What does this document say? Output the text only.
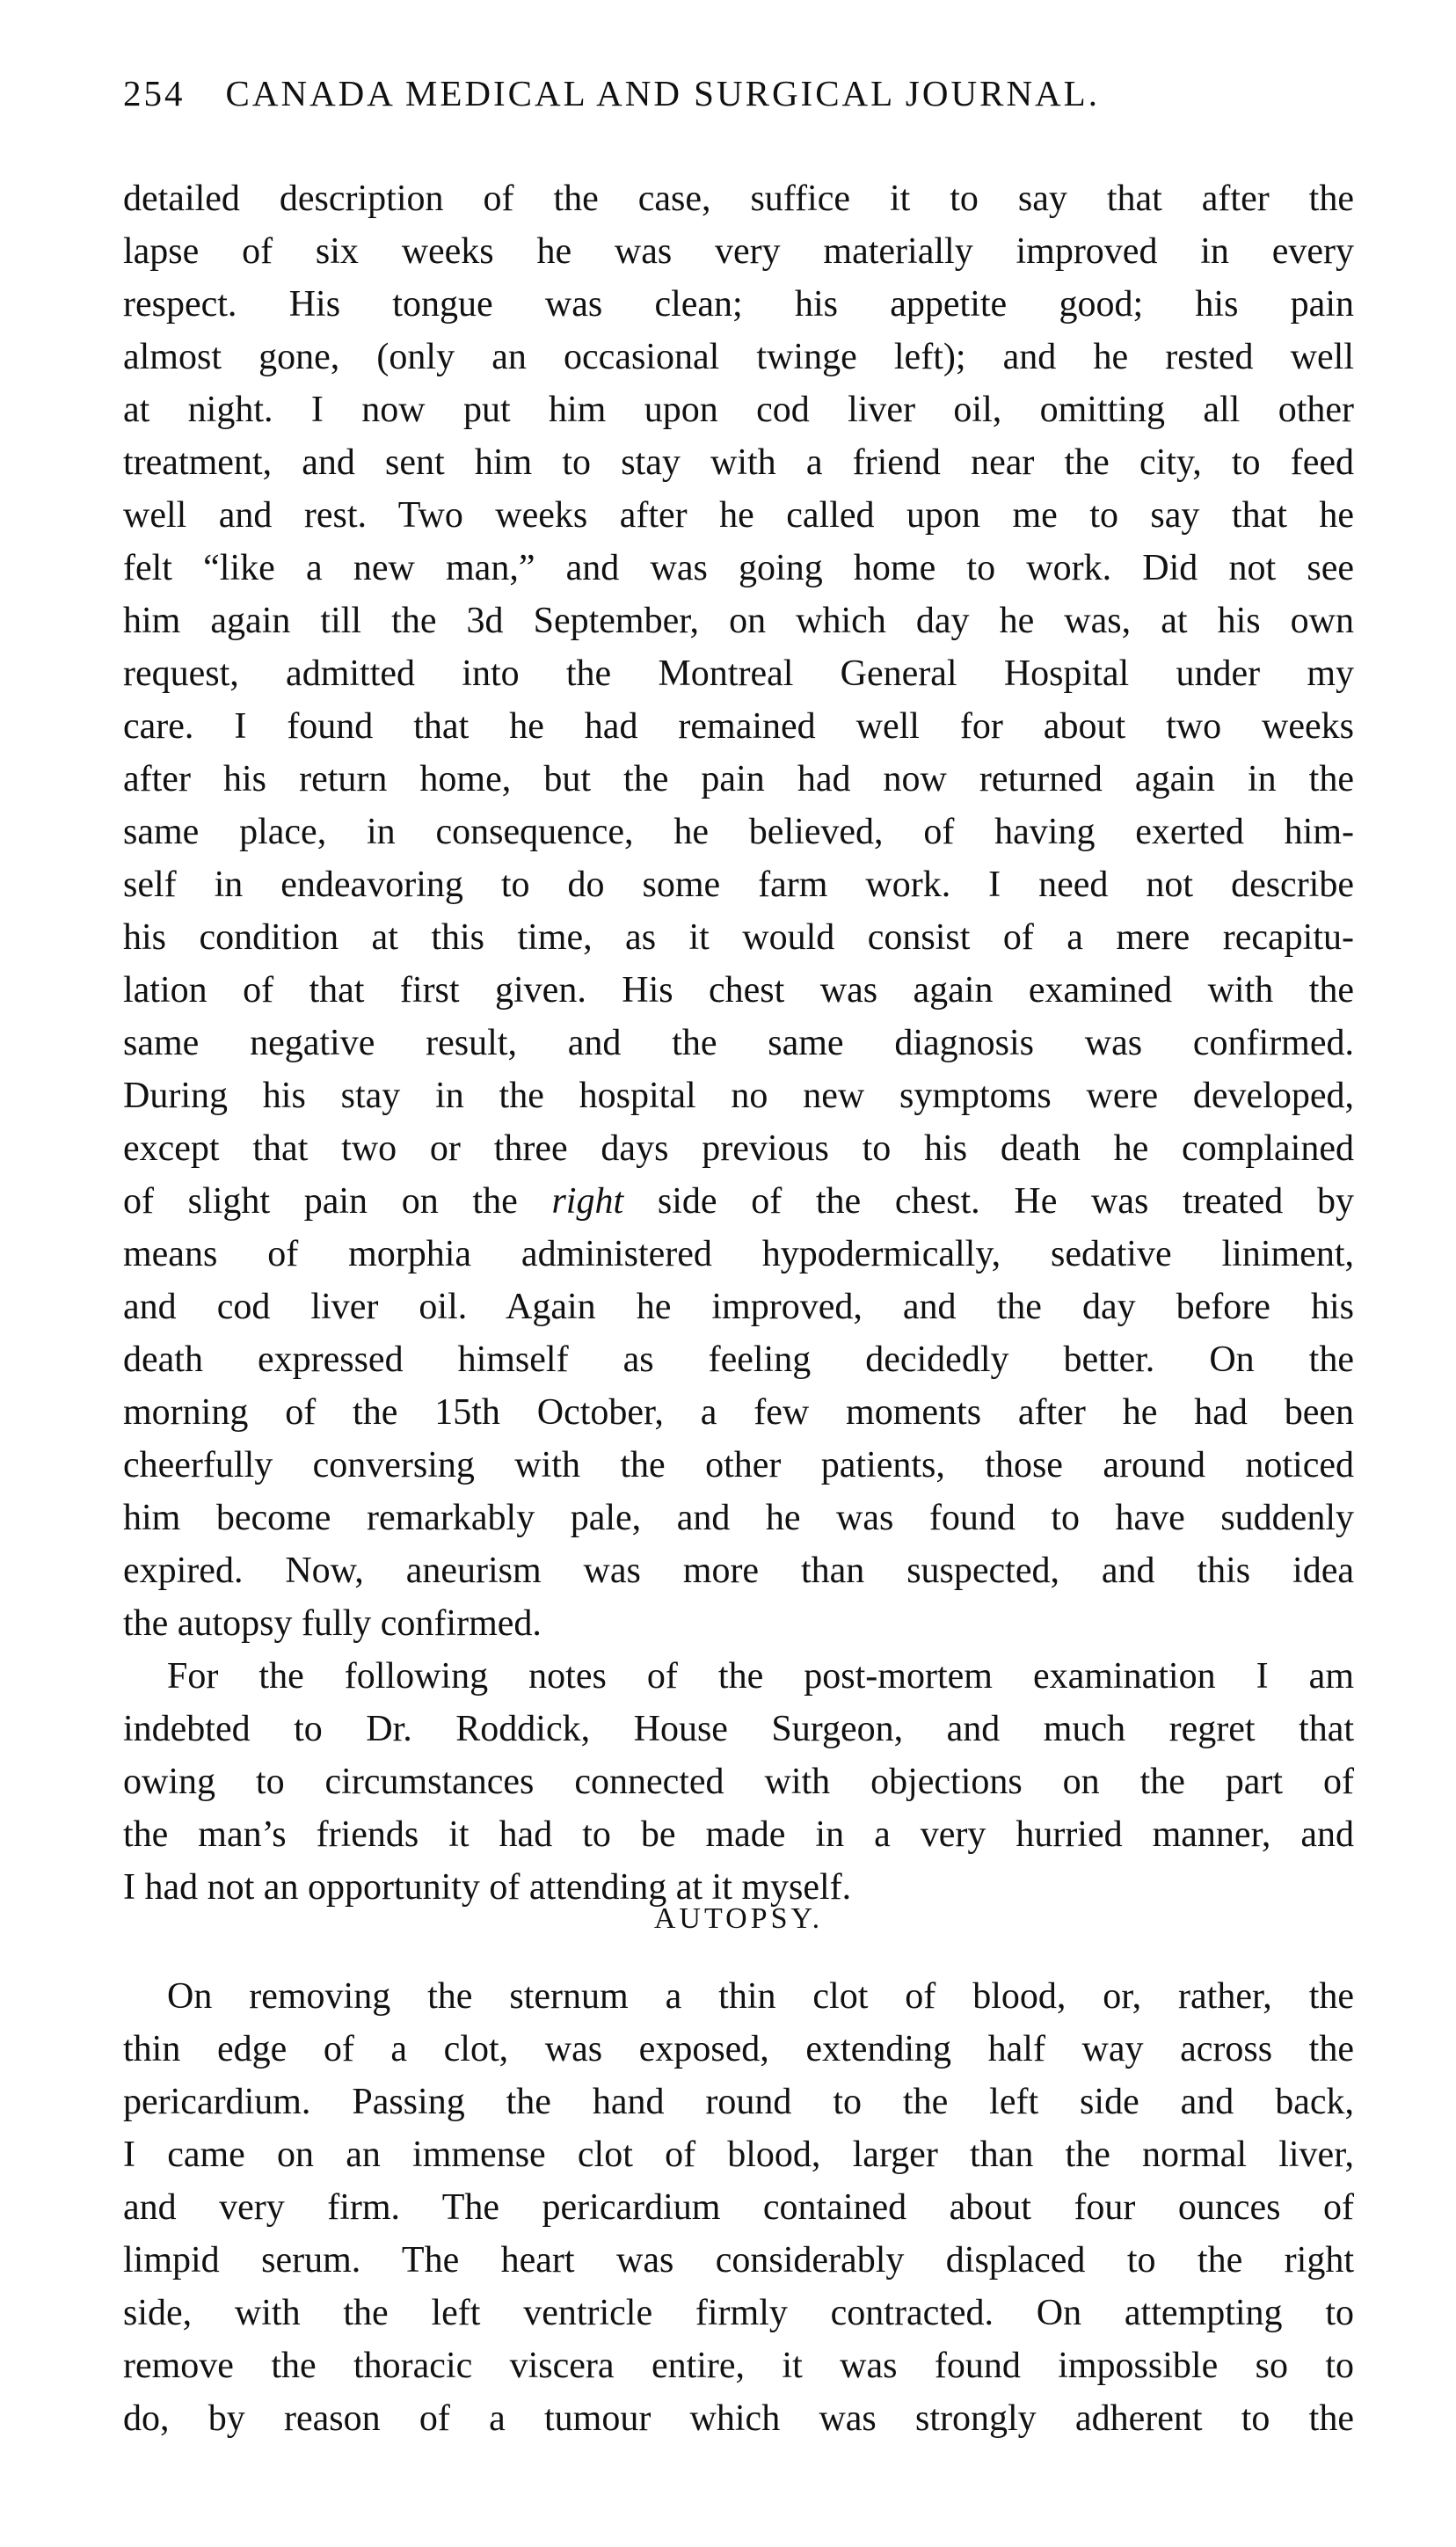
254 CANADA MEDICAL AND SURGICAL JOURNAL.
detailed description of the case, suffice it to say that after the
lapse of six weeks he was very materially improved in every
respect. His tongue was clean; his appetite good; his pain
almost gone, (only an occasional twinge left); and he rested well
at night. I now put him upon cod liver oil, omitting all other
treatment, and sent him to stay with a friend near the city, to feed
well and rest. Two weeks after he called upon me to say that he
felt “like a new man,” and was going home to work. Did not see
him again till the 3d September, on which day he was, at his own
request, admitted into the Montreal General Hospital under my
care. I found that he had remained well for about two weeks
after his return home, but the pain had now returned again in the
same place, in consequence, he believed, of having exerted him-
self in endeavoring to do some farm work. I need not describe
his condition at this time, as it would consist of a mere recapitu-
lation of that first given. His chest was again examined with the
same negative result, and the same diagnosis was confirmed.
During his stay in the hospital no new symptoms were developed,
except that two or three days previous to his death he complained
of slight pain on the right side of the chest. He was treated by
means of morphia administered hypodermically, sedative liniment,
and cod liver oil. Again he improved, and the day before his
death expressed himself as feeling decidedly better. On the
morning of the 15th October, a few moments after he had been
cheerfully conversing with the other patients, those around noticed
him become remarkably pale, and he was found to have suddenly
expired. Now, aneurism was more than suspected, and this idea
the autopsy fully confirmed.
For the following notes of the post-mortem examination I am
indebted to Dr. Roddick, House Surgeon, and much regret that
owing to circumstances connected with objections on the part of
the man’s friends it had to be made in a very hurried manner, and
I had not an opportunity of attending at it myself.
AUTOPSY.
On removing the sternum a thin clot of blood, or, rather, the
thin edge of a clot, was exposed, extending half way across the
pericardium. Passing the hand round to the left side and back,
I came on an immense clot of blood, larger than the normal liver,
and very firm. The pericardium contained about four ounces of
limpid serum. The heart was considerably displaced to the right
side, with the left ventricle firmly contracted. On attempting to
remove the thoracic viscera entire, it was found impossible so to
do, by reason of a tumour which was strongly adherent to the
